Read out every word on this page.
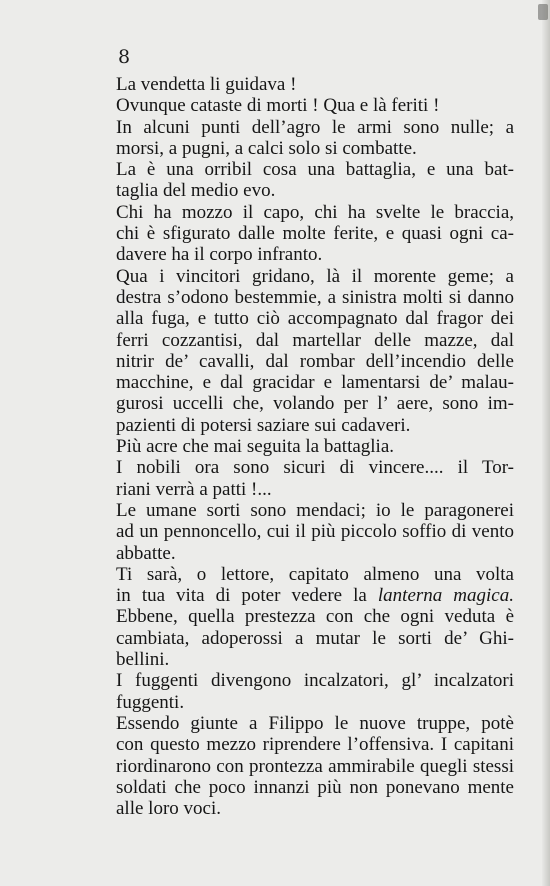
8
La vendetta li guidava !
Ovunque cataste di morti ! Qua e là feriti !
In alcuni punti dell’agro le armi sono nulle; a
morsi, a pugni, a calci solo si combatte.
La è una orribil cosa una battaglia, e una bat-
taglia del medio evo.
Chi ha mozzo il capo, chi ha svelte le braccia,
chi è sfigurato dalle molte ferite, e quasi ogni ca-
davere ha il corpo infranto.
Qua i vincitori gridano, là il morente geme; a
destra s’odono bestemmie, a sinistra molti si danno
alla fuga, e tutto ciò accompagnato dal fragor dei
ferri cozzantisi, dal martellar delle mazze, dal
nitrir de’ cavalli, dal rombar dell’incendio delle
macchine, e dal gracidar e lamentarsi de’ malau-
gurosi uccelli che, volando per l’ aere, sono im-
pazienti di potersi saziare sui cadaveri.
Più acre che mai seguita la battaglia.
I nobili ora sono sicuri di vincere.... il Tor-
riani verrà a patti !...
Le umane sorti sono mendaci; io le paragonerei
ad un pennoncello, cui il più piccolo soffio di vento
abbatte.
Ti sarà, o lettore, capitato almeno una volta
in tua vita di poter vedere la lanterna magica.
Ebbene, quella prestezza con che ogni veduta è
cambiata, adoperossi a mutar le sorti de’ Ghi-
bellini.
I fuggenti divengono incalzatori, gl’ incalzatori
fuggenti.
Essendo giunte a Filippo le nuove truppe, potè
con questo mezzo riprendere l’offensiva. I capitani
riordinarono con prontezza ammirabile quegli stessi
soldati che poco innanzi più non ponevano mente
alle loro voci.
